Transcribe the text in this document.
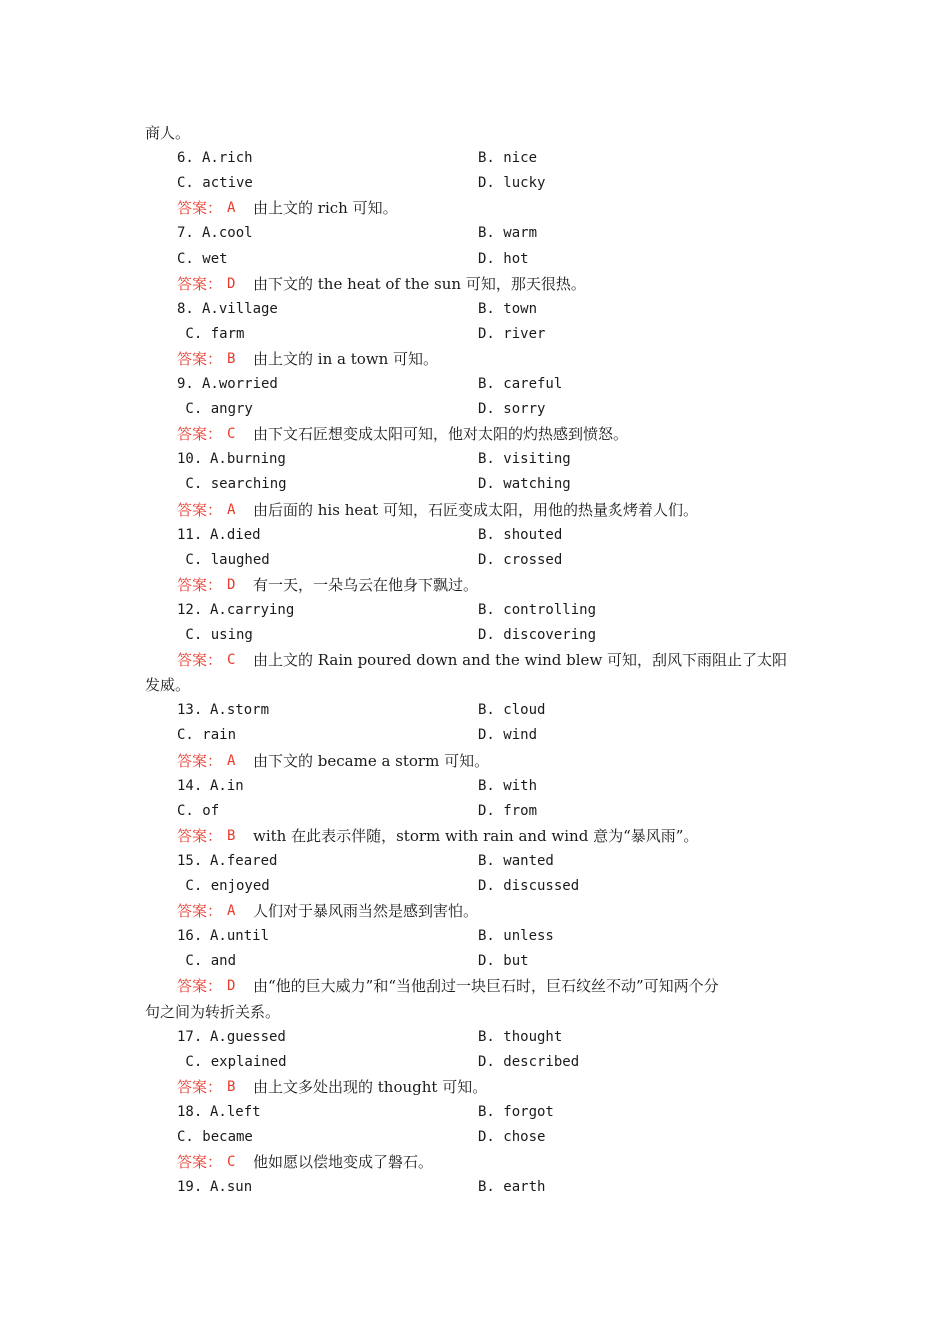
商人。
6. A.rich	B. nice
C. active	D. lucky
答案： A 由上文的 rich 可知。
7. A.cool	B. warm
C. wet	D. hot
答案： D 由下文的 the heat of the sun 可知，那天很热。
8. A.village	B. town
C. farm	D. river
答案： B 由上文的 in a town 可知。
9. A.worried	B. careful
C. angry	D. sorry
答案： C 由下文石匠想变成太阳可知，他对太阳的灼热感到愤怒。
10. A.burning	B. visiting
C. searching	D. watching
答案： A 由后面的 his heat 可知，石匠变成太阳，用他的热量炙烤着人们。
11. A.died	B. shouted
C. laughed	D. crossed
答案： D 有一天，一朵乌云在他身下飘过。
12. A.carrying	B. controlling
C. using	D. discovering
答案： C 由上文的 Rain poured down and the wind blew 可知，刮风下雨阻止了太阳
发威。
13. A.storm	B. cloud
C. rain	D. wind
答案： A 由下文的 became a storm 可知。
14. A.in	B. with
C. of	D. from
答案： B with 在此表示伴随，storm with rain and wind 意为“暴风雨”。
15. A.feared	B. wanted
C. enjoyed	D. discussed
答案： A 人们对于暴风雨当然是感到害怕。
16. A.until	B. unless
C. and	D. but
答案： D 由“他的巨大威力”和“当他刮过一块巨石时，巨石纹丝不动”可知两个分
句之间为转折关系。
17. A.guessed	B. thought
C. explained	D. described
答案： B 由上文多处出现的 thought 可知。
18. A.left	B. forgot
C. became	D. chose
答案： C 他如愿以偿地变成了磐石。
19. A.sun	B. earth
